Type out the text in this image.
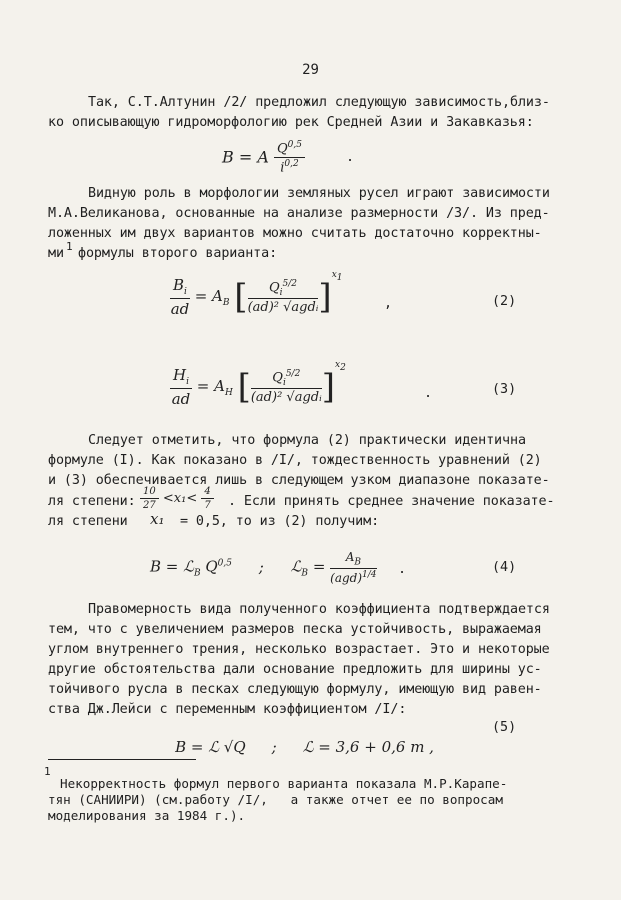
29
Так, С.Т.Алтунин /2/ предложил следующую зависимость,близ-
ко описывающую гидроморфологию рек Средней Азии и Закавказья:
B = A $\frac{Q^{0,5}}{i^{0,2}}$	.
Видную роль в морфологии земляных русел играют зависимости
М.А.Великанова, основанные на анализе размерности /3/. Из пред-
ложенных им двух вариантов можно считать достаточно корректны-
ми 1 формулы второго варианта:
$\frac{B_i}{ad} = A_B$ [ $\frac{Q_i^{5/2}}{\text{(ad)² √agdᵢ}} ]^{x_1}$
,	(2)
$\frac{H_i}{ad} = A_H$ [ $\frac{Q_i^{5/2}}{\text{(ad)² √agdᵢ}} ]^{x_2}$
.	(3)
Следует отметить, что формула (2) практически идентична
формуле (I). Как показано в /I/, тождественность уравнений (2)
и (3) обеспечивается лишь в следующем узком диапазоне показате-
ля степени: $\frac{10}{27} <x_1< \frac{4}{7}$ . Если принять среднее значение показате-
ля степени x₁ = 0,5, то из (2) получим:
B = ℒ$_B$ Q$^{0,5}$ ; ℒ$_B$ = $\frac{A_B}{(agd)^{1/4}}$ .	(4)
Правомерность вида полученного коэффициента подтверждается
тем, что с увеличением размеров песка устойчивость, выражаемая
углом внутреннего трения, несколько возрастает. Это и некоторые
другие обстоятельства дали основание предложить для ширины ус-
тойчивого русла в песках следующую формулу, имеющую вид равен-
ства Дж.Лейси с переменным коэффициентом /I/:

B = ℒ √Q ; ℒ = 3,6 + 0,6 m ,

(5)
1
Некорректность формул первого варианта показала М.Р.Карапе-
тян (САНИИРИ) (см.работу /I/,   а также отчет ее по вопросам
моделирования за 1984 г.).
